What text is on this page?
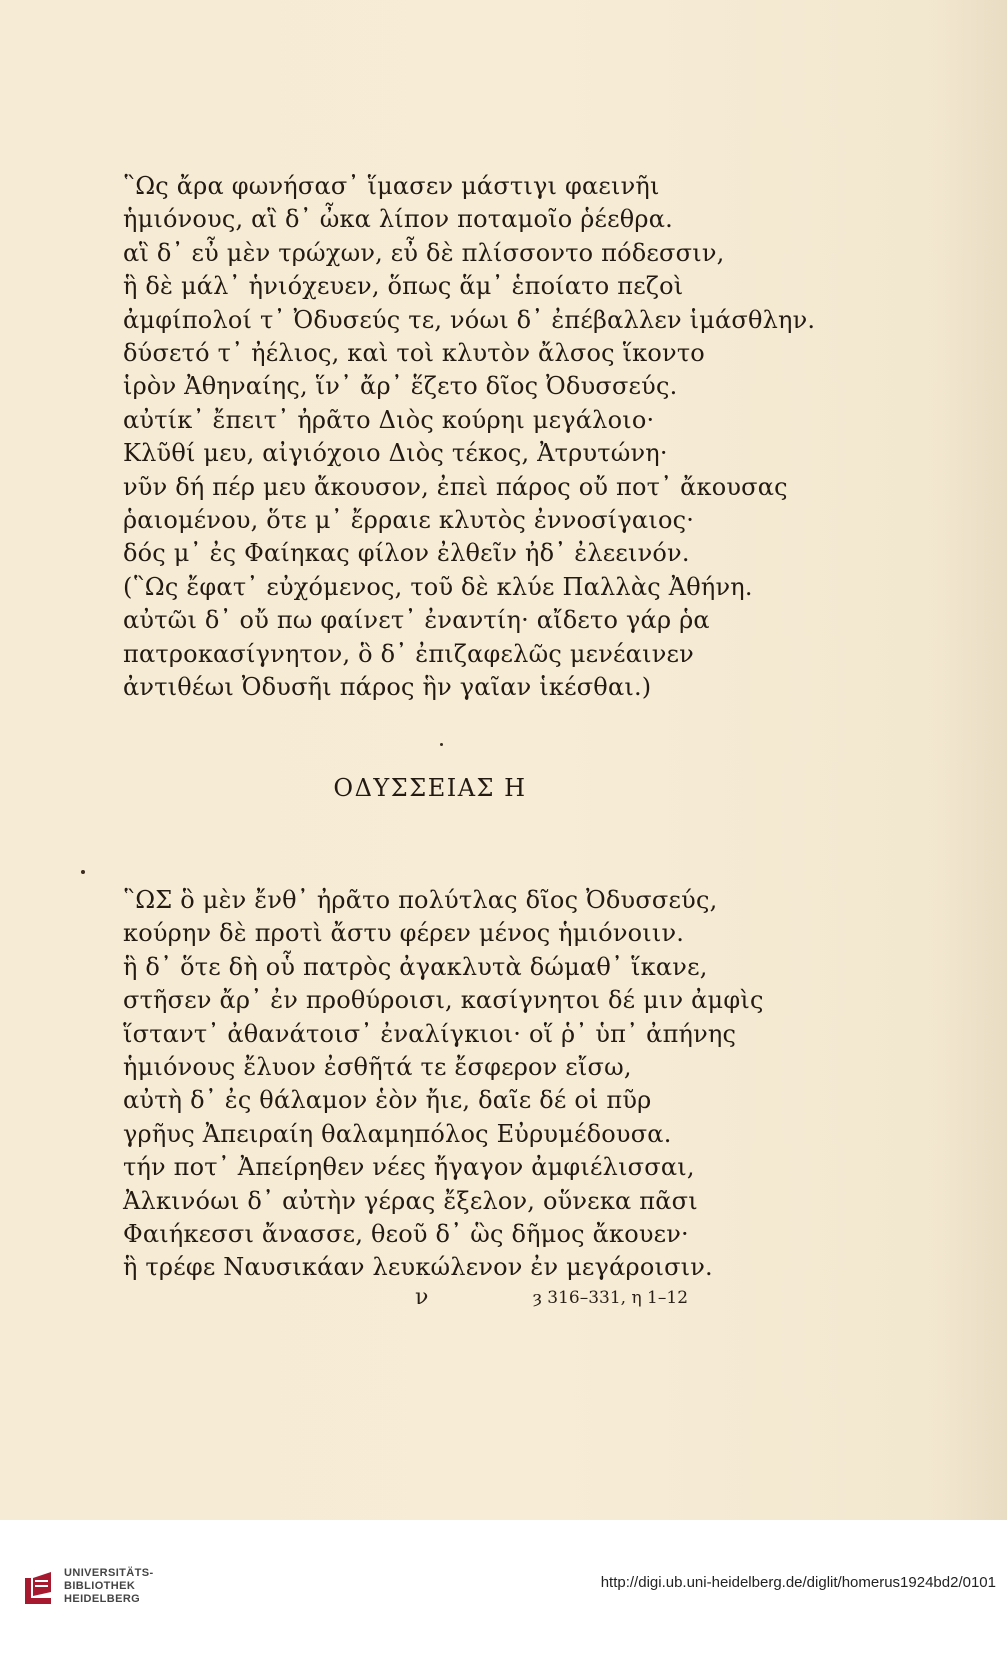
῝Ως ἄρα φωνήσασ᾽ ἵμασεν μάστιγι φαεινῆι
ἡμιόνους, αἳ δ᾽ ὦκα λίπον ποταμοῖο ῥέεθρα.
αἳ δ᾽ εὖ μὲν τρώχων, εὖ δὲ πλίσσοντο πόδεσσιν,
ἣ δὲ μάλ᾽ ἡνιόχευεν, ὅπως ἅμ᾽ ἑποίατο πεζοὶ
ἀμφίπολοί τ᾽ Ὀδυσεύς τε, νόωι δ᾽ ἐπέβαλλεν ἱμάσθλην.
δύσετό τ᾽ ἠέλιος, καὶ τοὶ κλυτὸν ἄλσος ἵκοντο
ἱρὸν Ἀθηναίης, ἵν᾽ ἄρ᾽ ἕζετο δῖος Ὀδυσσεύς.
αὐτίκ᾽ ἔπειτ᾽ ἠρᾶτο Διὸς κούρηι μεγάλοιο·
Κλῦθί μευ, αἰγιόχοιο Διὸς τέκος, Ἀτρυτώνη·
νῦν δή πέρ μευ ἄκουσον, ἐπεὶ πάρος οὔ ποτ᾽ ἄκουσας
ῥαιομένου, ὅτε μ᾽ ἔρραιε κλυτὸς ἐννοσίγαιος·
δός μ᾽ ἐς Φαίηκας φίλον ἐλθεῖν ἠδ᾽ ἐλεεινόν.
(῝Ως ἔφατ᾽ εὐχόμενος, τοῦ δὲ κλύε Παλλὰς Ἀθήνη.
αὐτῶι δ᾽ οὔ πω φαίνετ᾽ ἐναντίη· αἴδετο γάρ ῥα
πατροκασίγνητον, ὃ δ᾽ ἐπιζαφελῶς μενέαινεν
ἀντιθέωι Ὀδυσῆι πάρος ἣν γαῖαν ἱκέσθαι.)
ΟΔΥΣΣΕΙΑΣ Η
῝ΩΣ ὃ μὲν ἔνθ᾽ ἠρᾶτο πολύτλας δῖος Ὀδυσσεύς,
κούρην δὲ προτὶ ἄστυ φέρεν μένος ἡμιόνοιιν.
ἣ δ᾽ ὅτε δὴ οὗ πατρὸς ἀγακλυτὰ δώμαθ᾽ ἵκανε,
στῆσεν ἄρ᾽ ἐν προθύροισι, κασίγνητοι δέ μιν ἀμφὶς
ἵσταντ᾽ ἀθανάτοισ᾽ ἐναλίγκιοι· οἵ ῥ᾽ ὑπ᾽ ἀπήνης
ἡμιόνους ἔλυον ἐσθῆτά τε ἔσφερον εἴσω,
αὐτὴ δ᾽ ἐς θάλαμον ἑὸν ἤιε, δαῖε δέ οἱ πῦρ
γρῆυς Ἀπειραίη θαλαμηπόλος Εὐρυμέδουσα.
τήν ποτ᾽ Ἀπείρηθεν νέες ἤγαγον ἀμφιέλισσαι,
Ἀλκινόωι δ᾽ αὐτὴν γέρας ἔξελον, οὕνεκα πᾶσι
Φαιήκεσσι ἄνασσε, θεοῦ δ᾽ ὣς δῆμος ἄκουεν·
ἣ τρέφε Ναυσικάαν λευκώλενον ἐν μεγάροισιν.
ν	ȝ 316–331, η 1–12
UNIVERSITÄTS-
BIBLIOTHEK
HEIDELBERG
http://digi.ub.uni-heidelberg.de/diglit/homerus1924bd2/0101
